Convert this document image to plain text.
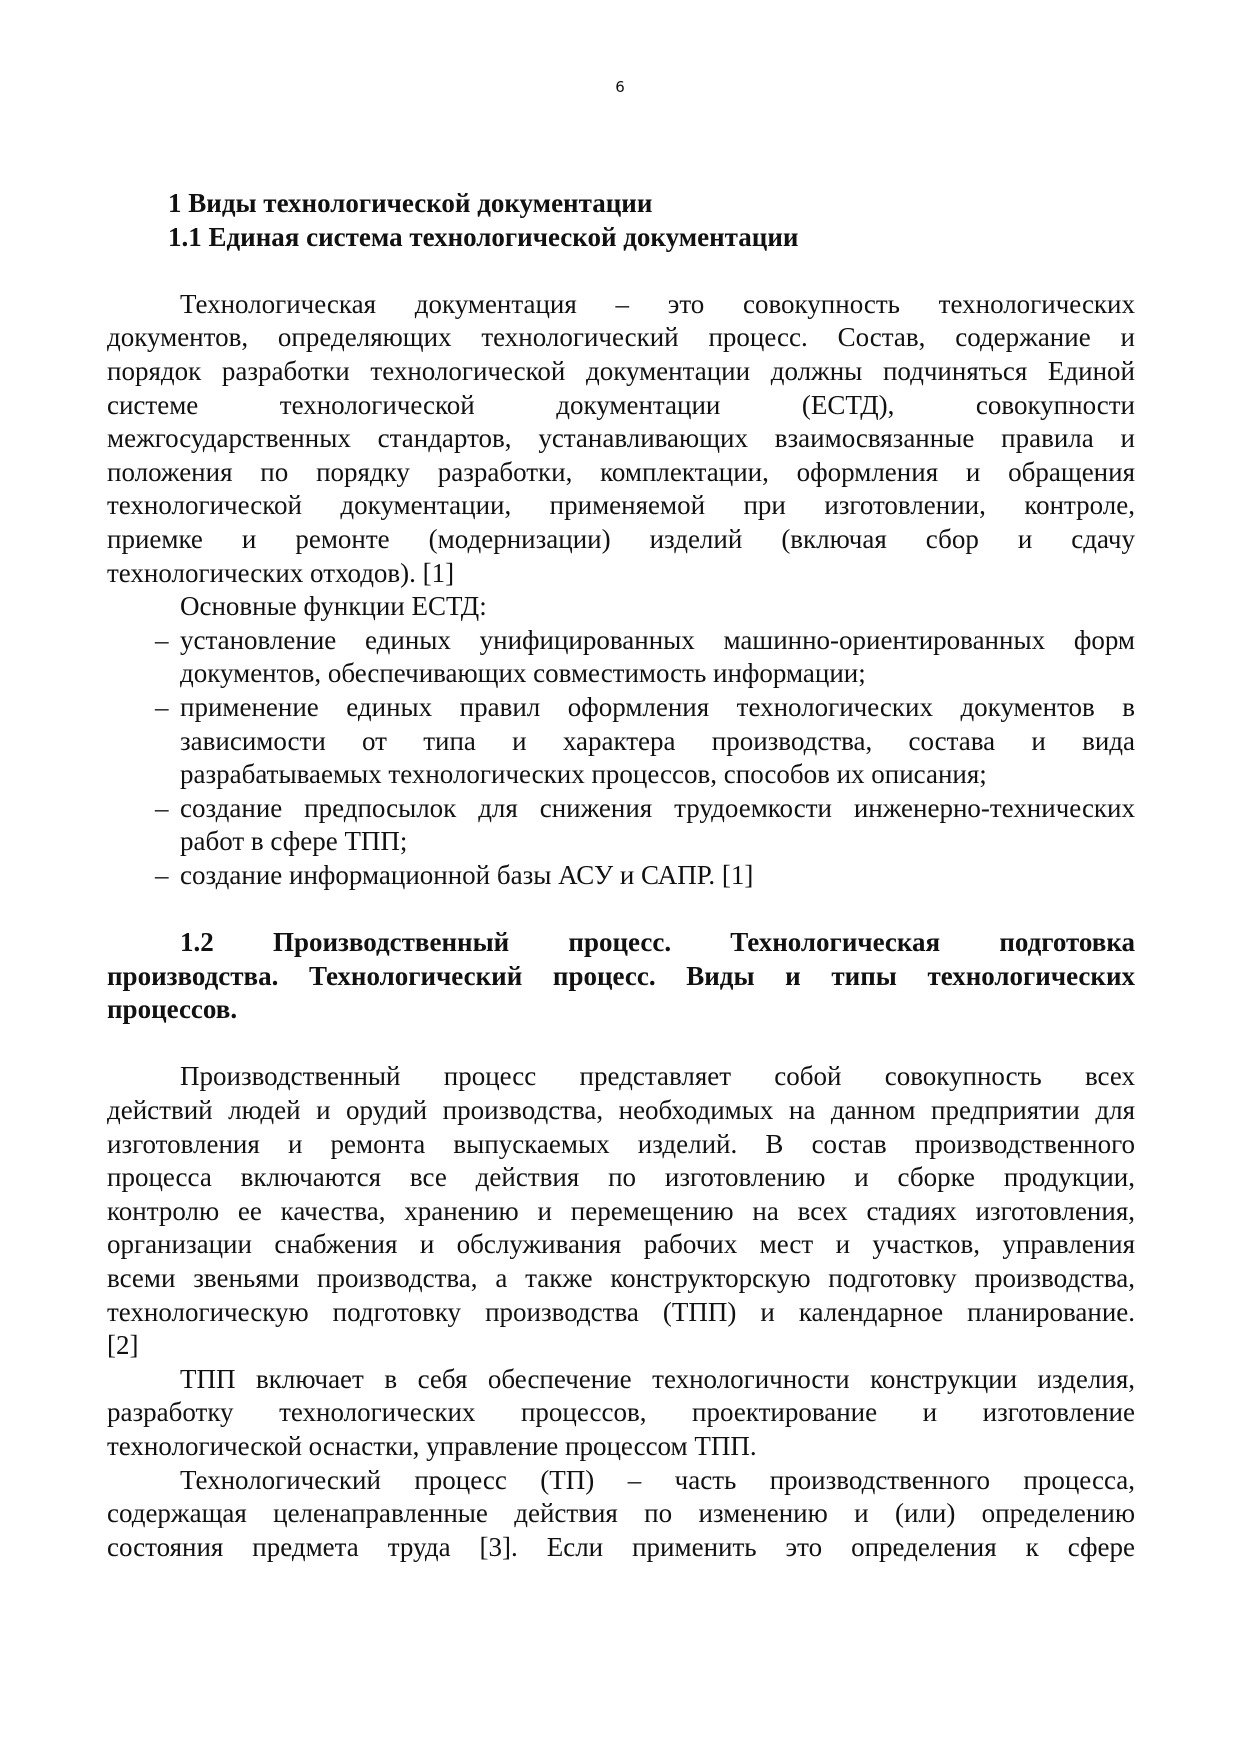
6
1 Виды технологической документации
1.1 Единая система технологической документации
Технологическая документация – это совокупность технологических
документов, определяющих технологический процесс. Состав, содержание и
порядок разработки технологической документации должны подчиняться Единой
системе технологической документации (ЕСТД), совокупности
межгосударственных стандартов, устанавливающих взаимосвязанные правила и
положения по порядку разработки, комплектации, оформления и обращения
технологической документации, применяемой при изготовлении, контроле,
приемке и ремонте (модернизации) изделий (включая сбор и сдачу
технологических отходов). [1]
Основные функции ЕСТД:
– установление единых унифицированных машинно-ориентированных форм
документов, обеспечивающих совместимость информации;
– применение единых правил оформления технологических документов в
зависимости от типа и характера производства, состава и вида
разрабатываемых технологических процессов, способов их описания;
– создание предпосылок для снижения трудоемкости инженерно-технических
работ в сфере ТПП;
– создание информационной базы АСУ и САПР. [1]
1.2 Производственный процесс. Технологическая подготовка
производства. Технологический процесс. Виды и типы технологических
процессов.
Производственный процесс представляет собой совокупность всех
действий людей и орудий производства, необходимых на данном предприятии для
изготовления и ремонта выпускаемых изделий. В состав производственного
процесса включаются все действия по изготовлению и сборке продукции,
контролю ее качества, хранению и перемещению на всех стадиях изготовления,
организации снабжения и обслуживания рабочих мест и участков, управления
всеми звеньями производства, а также конструкторскую подготовку производства,
технологическую подготовку производства (ТПП) и календарное планирование.
[2]
ТПП включает в себя обеспечение технологичности конструкции изделия,
разработку технологических процессов, проектирование и изготовление
технологической оснастки, управление процессом ТПП.
Технологический процесс (ТП) – часть производственного процесса,
содержащая целенаправленные действия по изменению и (или) определению
состояния предмета труда [3]. Если применить это определения к сфере
